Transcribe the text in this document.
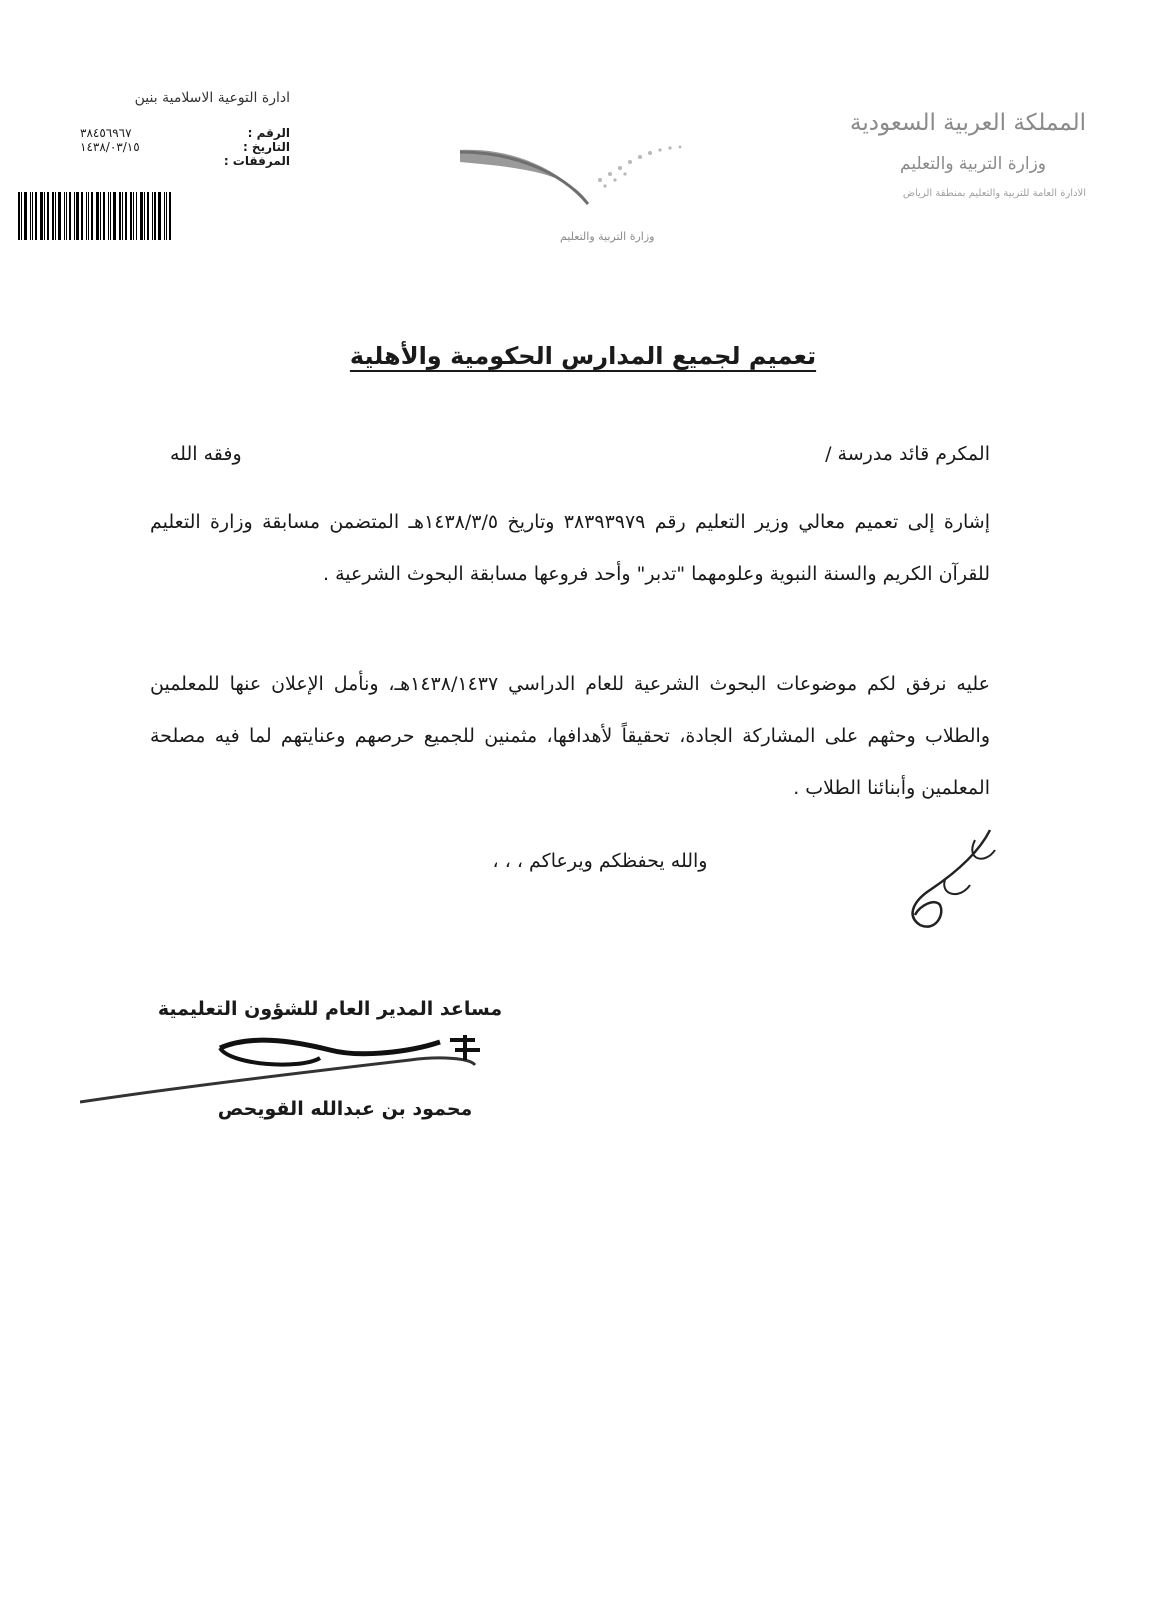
المملكة العربية السعودية
وزارة التربية والتعليم
الادارة العامة للتربية والتعليم بمنطقة الرياض
وزارة التربية والتعليم
ادارة التوعية الاسلامية بنين
الرقم :
٣٨٤٥٦٩٦٧
التاريخ :
١٤٣٨/٠٣/١٥
المرفقات :
تعميم لجميع المدارس الحكومية والأهلية
المكرم قائد مدرسة /
وفقه الله
إشارة إلى تعميم معالي وزير التعليم رقم ٣٨٣٩٣٩٧٩ وتاريخ ١٤٣٨/٣/٥هـ المتضمن مسابقة وزارة التعليم للقرآن الكريم والسنة النبوية وعلومهما "تدبر" وأحد فروعها مسابقة البحوث الشرعية .
عليه نرفق لكم موضوعات البحوث الشرعية للعام الدراسي ١٤٣٨/١٤٣٧هـ، ونأمل الإعلان عنها للمعلمين والطلاب وحثهم على المشاركة الجادة، تحقيقاً لأهدافها، مثمنين للجميع حرصهم وعنايتهم لما فيه مصلحة المعلمين وأبنائنا الطلاب .
والله يحفظكم ويرعاكم ، ، ،
مساعد المدير العام للشؤون التعليمية
محمود بن عبدالله القويحص
